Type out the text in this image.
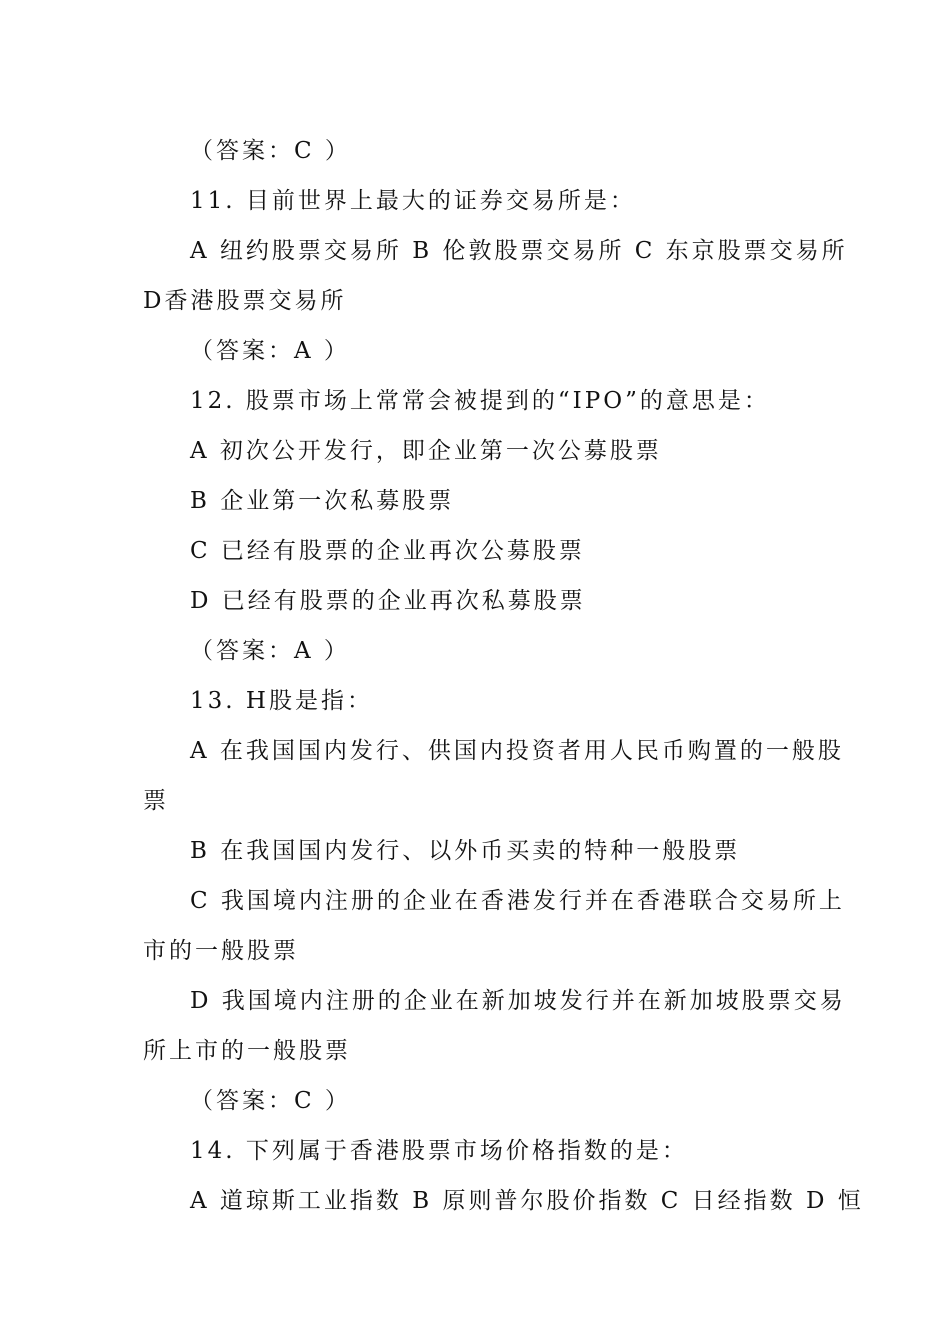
（答案：C ）
11. 目前世界上最大的证券交易所是：
A 纽约股票交易所 B 伦敦股票交易所 C 东京股票交易所
D香港股票交易所
（答案：A ）
12. 股票市场上常常会被提到的“IPO”的意思是：
A 初次公开发行，即企业第一次公募股票
B 企业第一次私募股票
C 已经有股票的企业再次公募股票
D 已经有股票的企业再次私募股票
（答案：A ）
13. H股是指：
A 在我国国内发行、供国内投资者用人民币购置的一般股
票
B 在我国国内发行、以外币买卖的特种一般股票
C 我国境内注册的企业在香港发行并在香港联合交易所上
市的一般股票
D 我国境内注册的企业在新加坡发行并在新加坡股票交易
所上市的一般股票
（答案：C ）
14. 下列属于香港股票市场价格指数的是：
A 道琼斯工业指数 B 原则普尔股价指数 C 日经指数 D 恒
